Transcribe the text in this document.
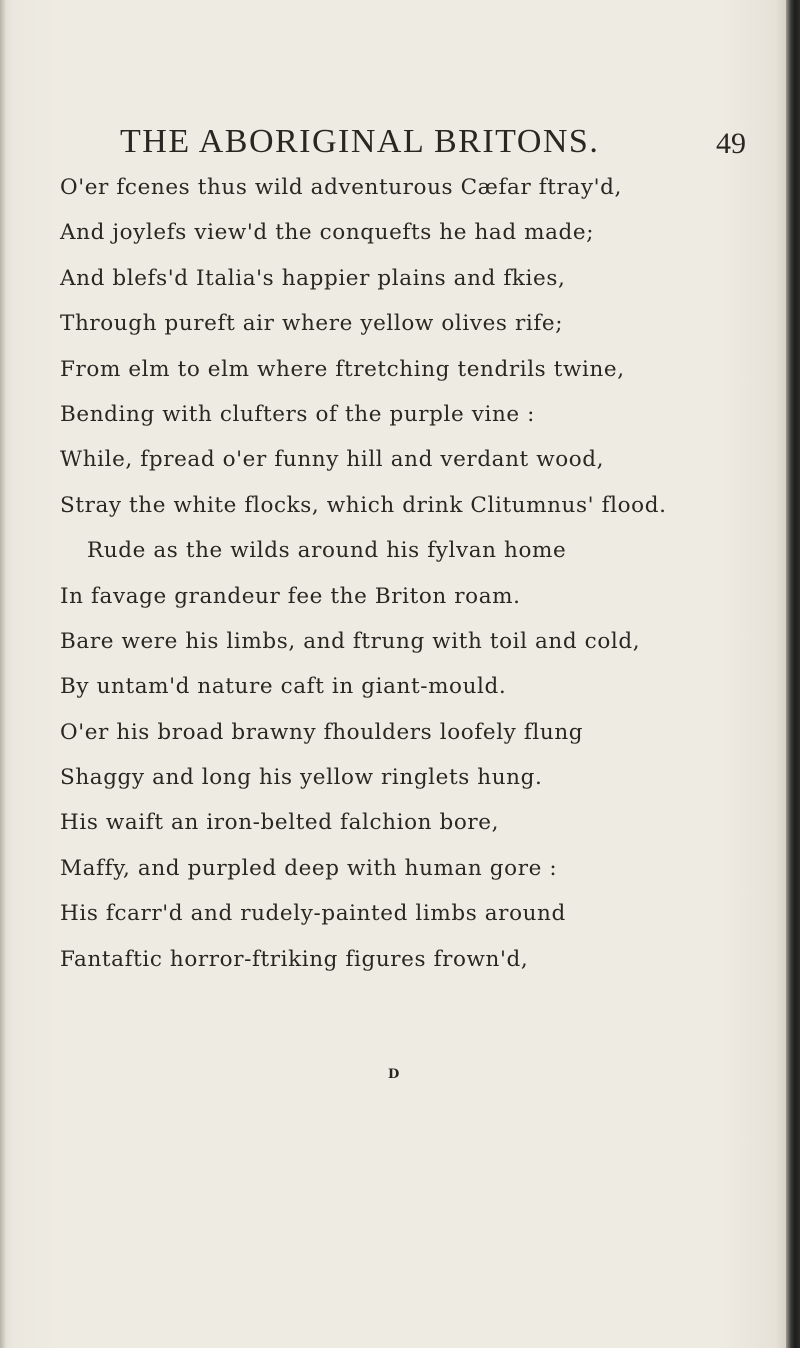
THE ABORIGINAL BRITONS.	49
O'er fcenes thus wild adventurous Cæfar ftray'd,
And joylefs view'd the conquefts he had made;
And blefs'd Italia's happier plains and fkies,
Through pureft air where yellow olives rife;
From elm to elm where ftretching tendrils twine,
Bending with clufters of the purple vine :
While, fpread o'er funny hill and verdant wood,
Stray the white flocks, which drink Clitumnus' flood.
Rude as the wilds around his fylvan home
In favage grandeur fee the Briton roam.
Bare were his limbs, and ftrung with toil and cold,
By untam'd nature caft in giant-mould.
O'er his broad brawny fhoulders loofely flung
Shaggy and long his yellow ringlets hung.
His waift an iron-belted falchion bore,
Maffy, and purpled deep with human gore :
His fcarr'd and rudely-painted limbs around
Fantaftic horror-ftriking figures frown'd,
D
